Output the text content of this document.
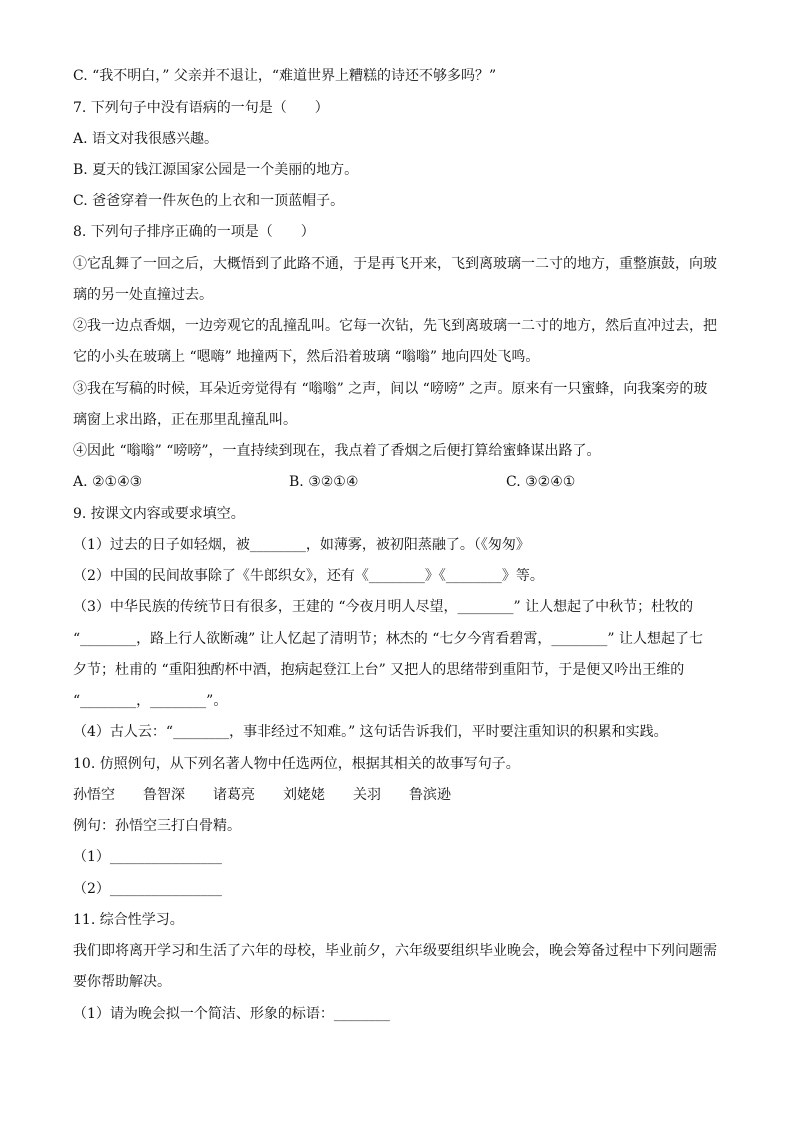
C. “我不明白，” 父亲并不退让，“难道世界上糟糕的诗还不够多吗？”
7. 下列句子中没有语病的一句是（　　）
A. 语文对我很感兴趣。
B. 夏天的钱江源国家公园是一个美丽的地方。
C. 爸爸穿着一件灰色的上衣和一顶蓝帽子。
8. 下列句子排序正确的一项是（　　）
①它乱舞了一回之后，大概悟到了此路不通，于是再飞开来，飞到离玻璃一二寸的地方，重整旗鼓，向玻
璃的另一处直撞过去。
②我一边点香烟，一边旁观它的乱撞乱叫。它每一次钻，先飞到离玻璃一二寸的地方，然后直冲过去，把
它的小头在玻璃上 “嗯嗨” 地撞两下，然后沿着玻璃 “嗡嗡” 地向四处飞鸣。
③我在写稿的时候，耳朵近旁觉得有 “嗡嗡” 之声，间以 “嗙嗙” 之声。原来有一只蜜蜂，向我案旁的玻
璃窗上求出路，正在那里乱撞乱叫。
④因此 “嗡嗡” “嗙嗙”，一直持续到现在，我点着了香烟之后便打算给蜜蜂谋出路了。
A. ②①④③	B. ③②①④	C. ③②④①
9. 按课文内容或要求填空。
（1）过去的日子如轻烟，被________，如薄雾，被初阳蒸融了。（《匆匆》
（2）中国的民间故事除了《牛郎织女》，还有《________》《________》等。
（3）中华民族的传统节日有很多，王建的 “今夜月明人尽望，________” 让人想起了中秋节；杜牧的
“________，路上行人欲断魂” 让人忆起了清明节；林杰的 “七夕今宵看碧霄，________” 让人想起了七
夕节；杜甫的 “重阳独酌杯中酒，抱病起登江上台” 又把人的思绪带到重阳节，于是便又吟出王维的
“________，________”。
（4）古人云：“________，事非经过不知难。” 这句话告诉我们，平时要注重知识的积累和实践。
10. 仿照例句，从下列名著人物中任选两位，根据其相关的故事写句子。
孙悟空　　鲁智深　　诸葛亮　　刘姥姥　　关羽　　鲁滨逊
例句：孙悟空三打白骨精。
（1）________________
（2）________________
11. 综合性学习。
我们即将离开学习和生活了六年的母校，毕业前夕，六年级要组织毕业晚会，晚会筹备过程中下列问题需
要你帮助解决。
（1）请为晚会拟一个简洁、形象的标语：________
